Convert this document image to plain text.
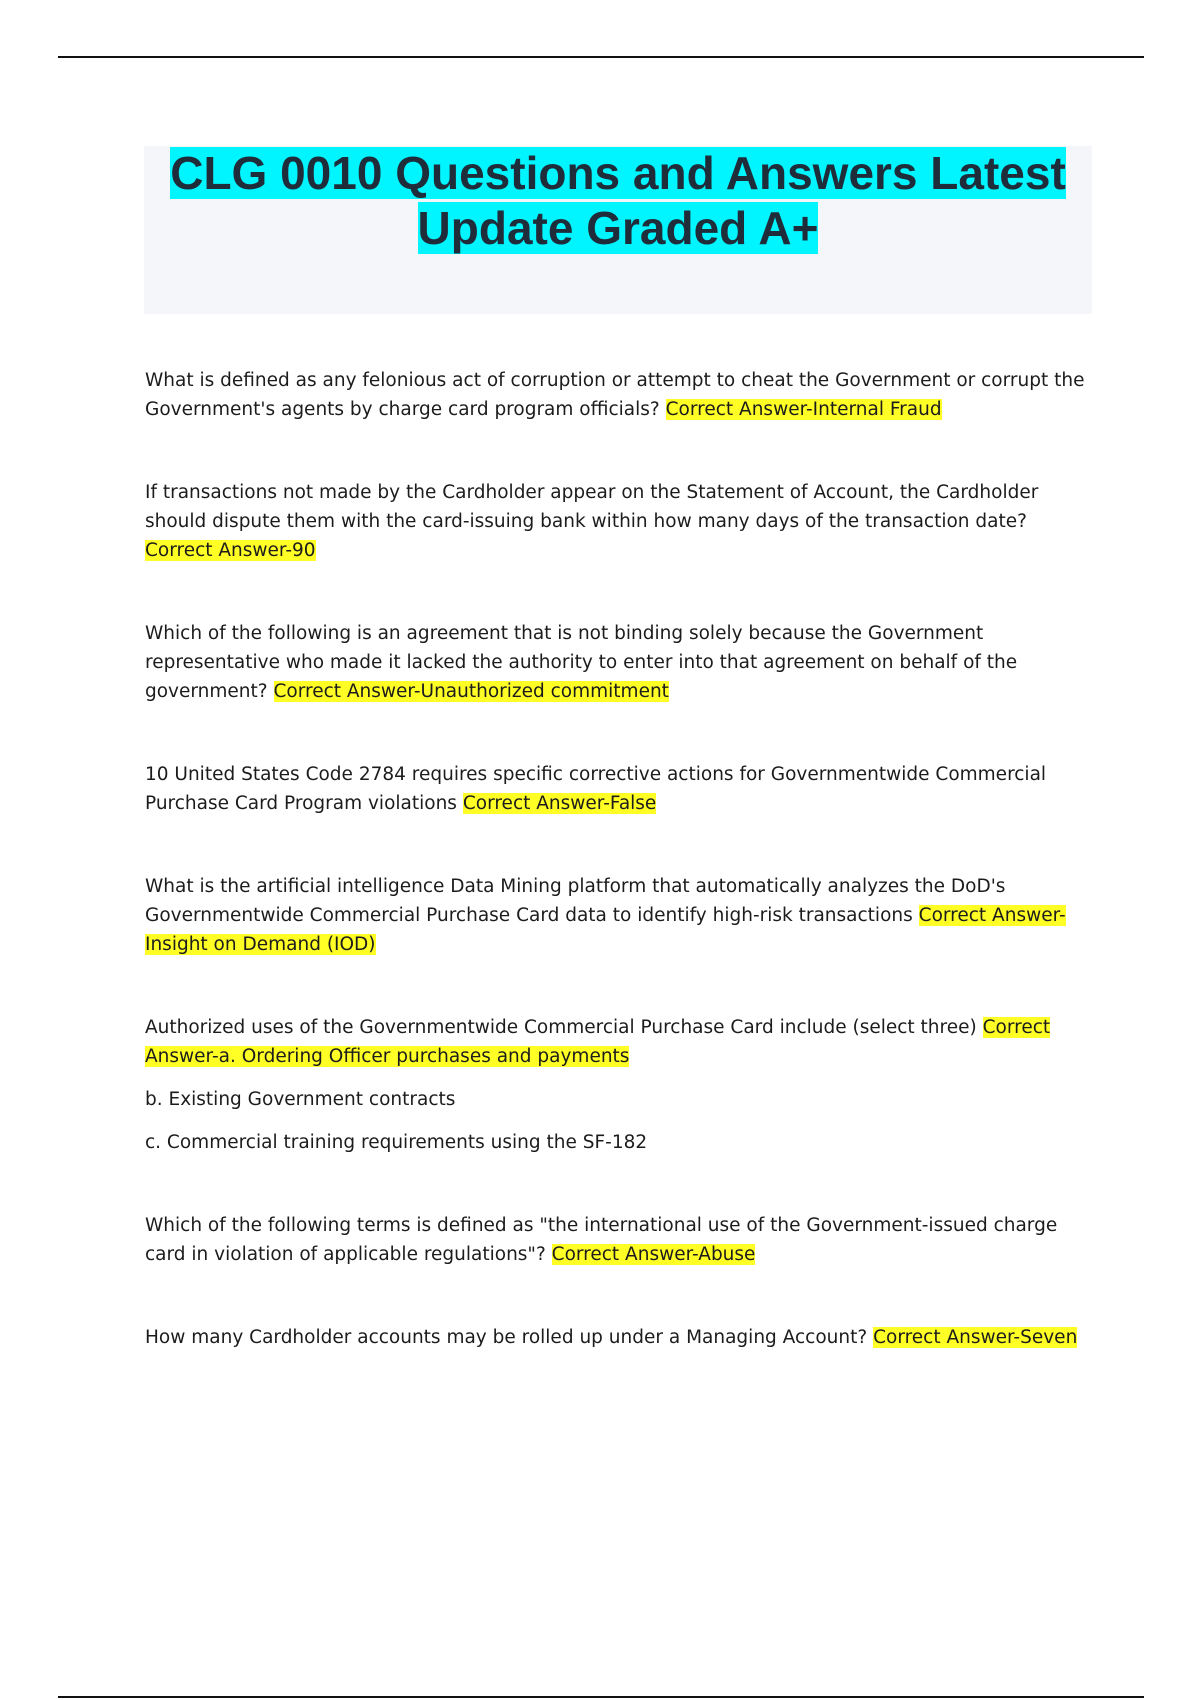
CLG 0010 Questions and Answers Latest Update Graded A+

What is defined as any felonious act of corruption or attempt to cheat the Government or corrupt the Government's agents by charge card program officials? Correct Answer-Internal Fraud

If transactions not made by the Cardholder appear on the Statement of Account, the Cardholder should dispute them with the card-issuing bank within how many days of the transaction date? Correct Answer-90

Which of the following is an agreement that is not binding solely because the Government representative who made it lacked the authority to enter into that agreement on behalf of the government? Correct Answer-Unauthorized commitment

10 United States Code 2784 requires specific corrective actions for Governmentwide Commercial Purchase Card Program violations Correct Answer-False

What is the artificial intelligence Data Mining platform that automatically analyzes the DoD's Governmentwide Commercial Purchase Card data to identify high-risk transactions Correct Answer-Insight on Demand (IOD)

Authorized uses of the Governmentwide Commercial Purchase Card include (select three) Correct Answer-a. Ordering Officer purchases and payments

b. Existing Government contracts

c. Commercial training requirements using the SF-182

Which of the following terms is defined as "the international use of the Government-issued charge card in violation of applicable regulations"? Correct Answer-Abuse

How many Cardholder accounts may be rolled up under a Managing Account? Correct Answer-Seven
